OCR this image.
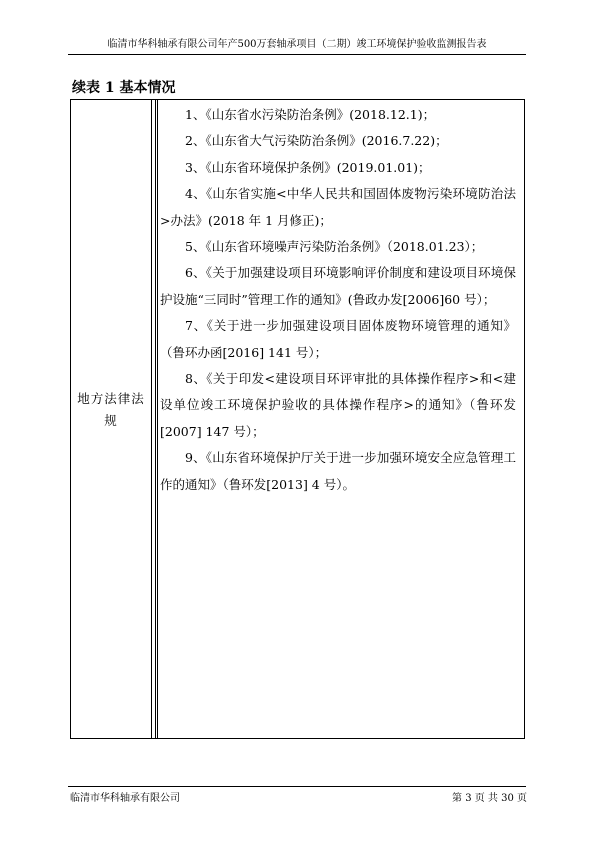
临清市华科轴承有限公司年产500万套轴承项目（二期）竣工环境保护验收监测报告表
续表 1 基本情况
地方法律法规

1、《山东省水污染防治条例》(2018.12.1)；

2、《山东省大气污染防治条例》(2016.7.22)；

3、《山东省环境保护条例》(2019.01.01)；

4、《山东省实施<中华人民共和国固体废物污染环境防治法>办法》(2018 年 1 月修正)；

5、《山东省环境噪声污染防治条例》（2018.01.23）；

6、《关于加强建设项目环境影响评价制度和建设项目环境保护设施“三同时”管理工作的通知》(鲁政办发[2006]60 号）；

7、《关于进一步加强建设项目固体废物环境管理的通知》（鲁环办函[2016] 141 号）；

8、《关于印发<建设项目环评审批的具体操作程序>和<建设单位竣工环境保护验收的具体操作程序>的通知》（鲁环发[2007] 147 号）；

9、《山东省环境保护厅关于进一步加强环境安全应急管理工作的通知》（鲁环发[2013] 4 号）。

临清市华科轴承有限公司	第 3 页 共 30 页
